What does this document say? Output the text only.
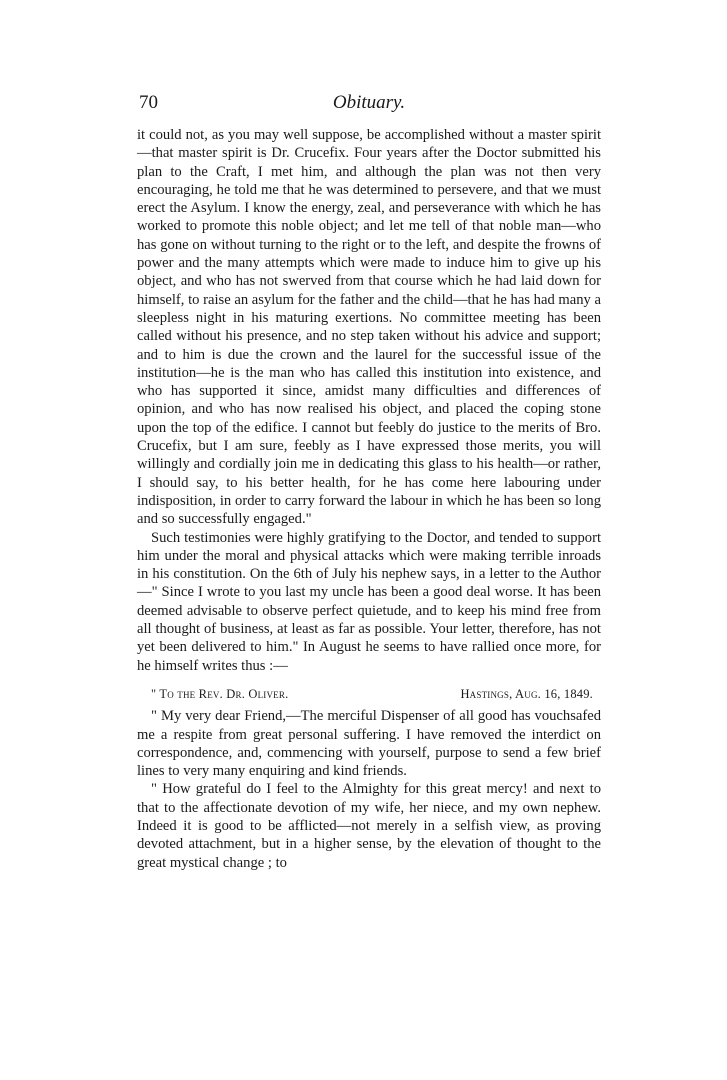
70	Obituary.

it could not, as you may well suppose, be accomplished without a master spirit—that master spirit is Dr. Crucefix. Four years after the Doctor submitted his plan to the Craft, I met him, and although the plan was not then very encouraging, he told me that he was determined to persevere, and that we must erect the Asylum. I know the energy, zeal, and perseverance with which he has worked to promote this noble object; and let me tell of that noble man—who has gone on without turning to the right or to the left, and despite the frowns of power and the many attempts which were made to induce him to give up his object, and who has not swerved from that course which he had laid down for himself, to raise an asylum for the father and the child—that he has had many a sleepless night in his maturing exertions. No committee meeting has been called without his presence, and no step taken without his advice and support; and to him is due the crown and the laurel for the successful issue of the institution—he is the man who has called this institution into existence, and who has supported it since, amidst many difficulties and differences of opinion, and who has now realised his object, and placed the coping stone upon the top of the edifice. I cannot but feebly do justice to the merits of Bro. Crucefix, but I am sure, feebly as I have expressed those merits, you will willingly and cordially join me in dedicating this glass to his health—or rather, I should say, to his better health, for he has come here labouring under indisposition, in order to carry forward the labour in which he has been so long and so successfully engaged."

Such testimonies were highly gratifying to the Doctor, and tended to support him under the moral and physical attacks which were making terrible inroads in his constitution. On the 6th of July his nephew says, in a letter to the Author—" Since I wrote to you last my uncle has been a good deal worse. It has been deemed advisable to observe perfect quietude, and to keep his mind free from all thought of business, at least as far as possible. Your letter, therefore, has not yet been delivered to him." In August he seems to have rallied once more, for he himself writes thus :—

" To the Rev. Dr. Oliver.	Hastings, Aug. 16, 1849.

" My very dear Friend,—The merciful Dispenser of all good has vouchsafed me a respite from great personal suffering. I have removed the interdict on correspondence, and, commencing with yourself, purpose to send a few brief lines to very many enquiring and kind friends.

" How grateful do I feel to the Almighty for this great mercy! and next to that to the affectionate devotion of my wife, her niece, and my own nephew. Indeed it is good to be afflicted—not merely in a selfish view, as proving devoted attachment, but in a higher sense, by the elevation of thought to the great mystical change ; to
